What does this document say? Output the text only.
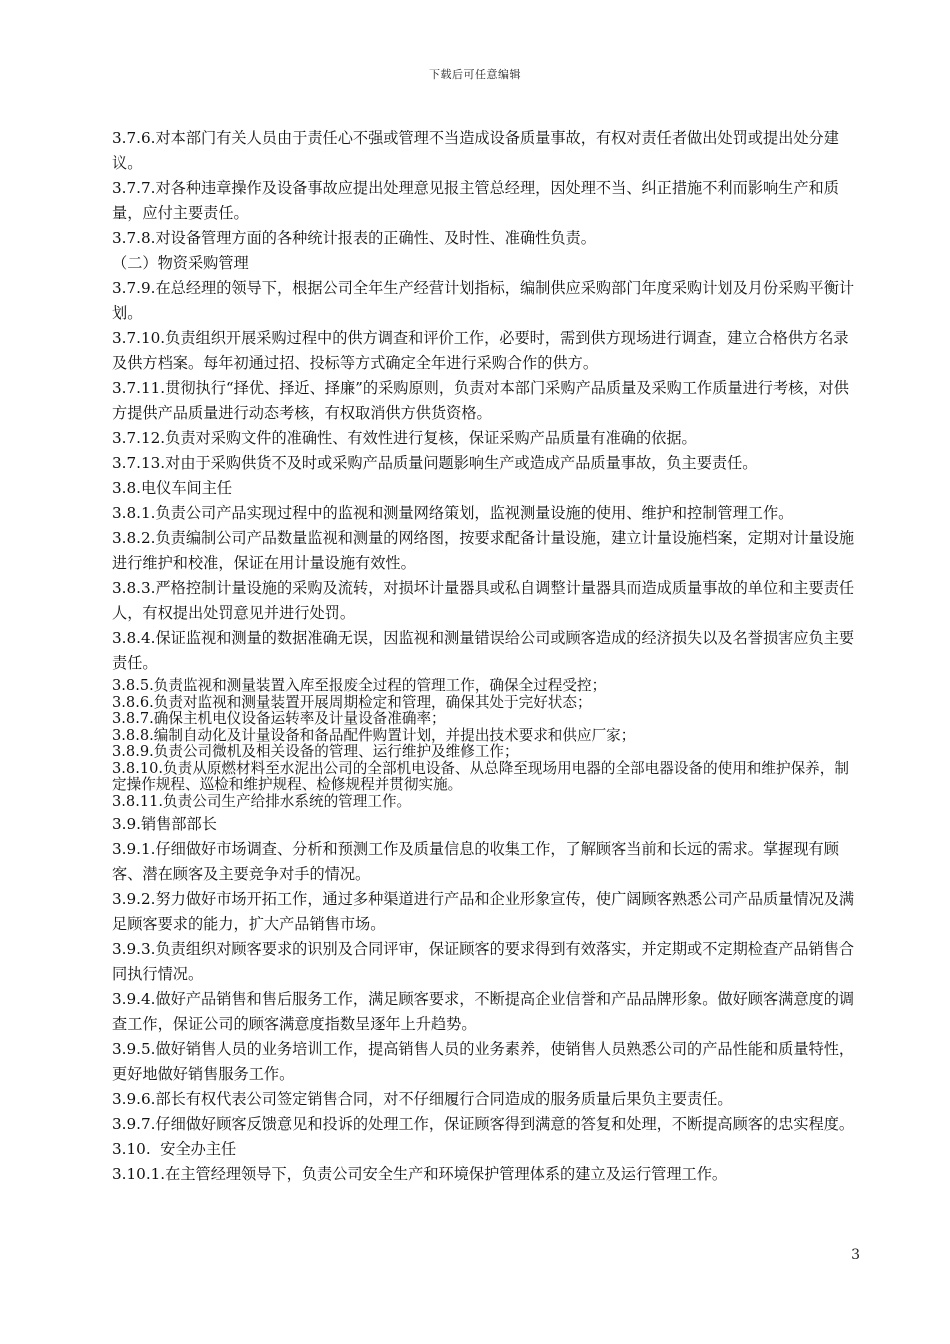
下载后可任意编辑

3.7.6.对本部门有关人员由于责任心不强或管理不当造成设备质量事故，有权对责任者做出处罚或提出处分建议。

3.7.7.对各种违章操作及设备事故应提出处理意见报主管总经理，因处理不当、纠正措施不利而影响生产和质量，应付主要责任。

3.7.8.对设备管理方面的各种统计报表的正确性、及时性、准确性负责。

（二）物资采购管理

3.7.9.在总经理的领导下，根据公司全年生产经营计划指标，编制供应采购部门年度采购计划及月份采购平衡计划。

3.7.10.负责组织开展采购过程中的供方调查和评价工作，必要时，需到供方现场进行调查，建立合格供方名录及供方档案。每年初通过招、投标等方式确定全年进行采购合作的供方。

3.7.11.贯彻执行“择优、择近、择廉”的采购原则，负责对本部门采购产品质量及采购工作质量进行考核，对供方提供产品质量进行动态考核，有权取消供方供货资格。

3.7.12.负责对采购文件的准确性、有效性进行复核，保证采购产品质量有准确的依据。

3.7.13.对由于采购供货不及时或采购产品质量问题影响生产或造成产品质量事故，负主要责任。

3.8.电仪车间主任

3.8.1.负责公司产品实现过程中的监视和测量网络策划，监视测量设施的使用、维护和控制管理工作。

3.8.2.负责编制公司产品数量监视和测量的网络图，按要求配备计量设施，建立计量设施档案，定期对计量设施进行维护和校准，保证在用计量设施有效性。

3.8.3.严格控制计量设施的采购及流转，对损坏计量器具或私自调整计量器具而造成质量事故的单位和主要责任人，有权提出处罚意见并进行处罚。

3.8.4.保证监视和测量的数据准确无误，因监视和测量错误给公司或顾客造成的经济损失以及名誉损害应负主要责任。

3.8.5.负责监视和测量装置入库至报废全过程的管理工作，确保全过程受控；

3.8.6.负责对监视和测量装置开展周期检定和管理，确保其处于完好状态；

3.8.7.确保主机电仪设备运转率及计量设备准确率；

3.8.8.编制自动化及计量设备和备品配件购置计划，并提出技术要求和供应厂家；

3.8.9.负责公司微机及相关设备的管理、运行维护及维修工作；

3.8.10.负责从原燃材料至水泥出公司的全部机电设备、从总降至现场用电器的全部电器设备的使用和维护保养，制定操作规程、巡检和维护规程、检修规程并贯彻实施。

3.8.11.负责公司生产给排水系统的管理工作。

3.9.销售部部长

3.9.1.仔细做好市场调查、分析和预测工作及质量信息的收集工作，了解顾客当前和长远的需求。掌握现有顾客、潜在顾客及主要竞争对手的情况。

3.9.2.努力做好市场开拓工作，通过多种渠道进行产品和企业形象宣传，使广阔顾客熟悉公司产品质量情况及满足顾客要求的能力，扩大产品销售市场。

3.9.3.负责组织对顾客要求的识别及合同评审，保证顾客的要求得到有效落实，并定期或不定期检查产品销售合同执行情况。

3.9.4.做好产品销售和售后服务工作，满足顾客要求，不断提高企业信誉和产品品牌形象。做好顾客满意度的调查工作，保证公司的顾客满意度指数呈逐年上升趋势。

3.9.5.做好销售人员的业务培训工作，提高销售人员的业务素养，使销售人员熟悉公司的产品性能和质量特性，更好地做好销售服务工作。

3.9.6.部长有权代表公司签定销售合同，对不仔细履行合同造成的服务质量后果负主要责任。

3.9.7.仔细做好顾客反馈意见和投诉的处理工作，保证顾客得到满意的答复和处理，不断提高顾客的忠实程度。

3.10.  安全办主任

3.10.1.在主管经理领导下，负责公司安全生产和环境保护管理体系的建立及运行管理工作。

3
